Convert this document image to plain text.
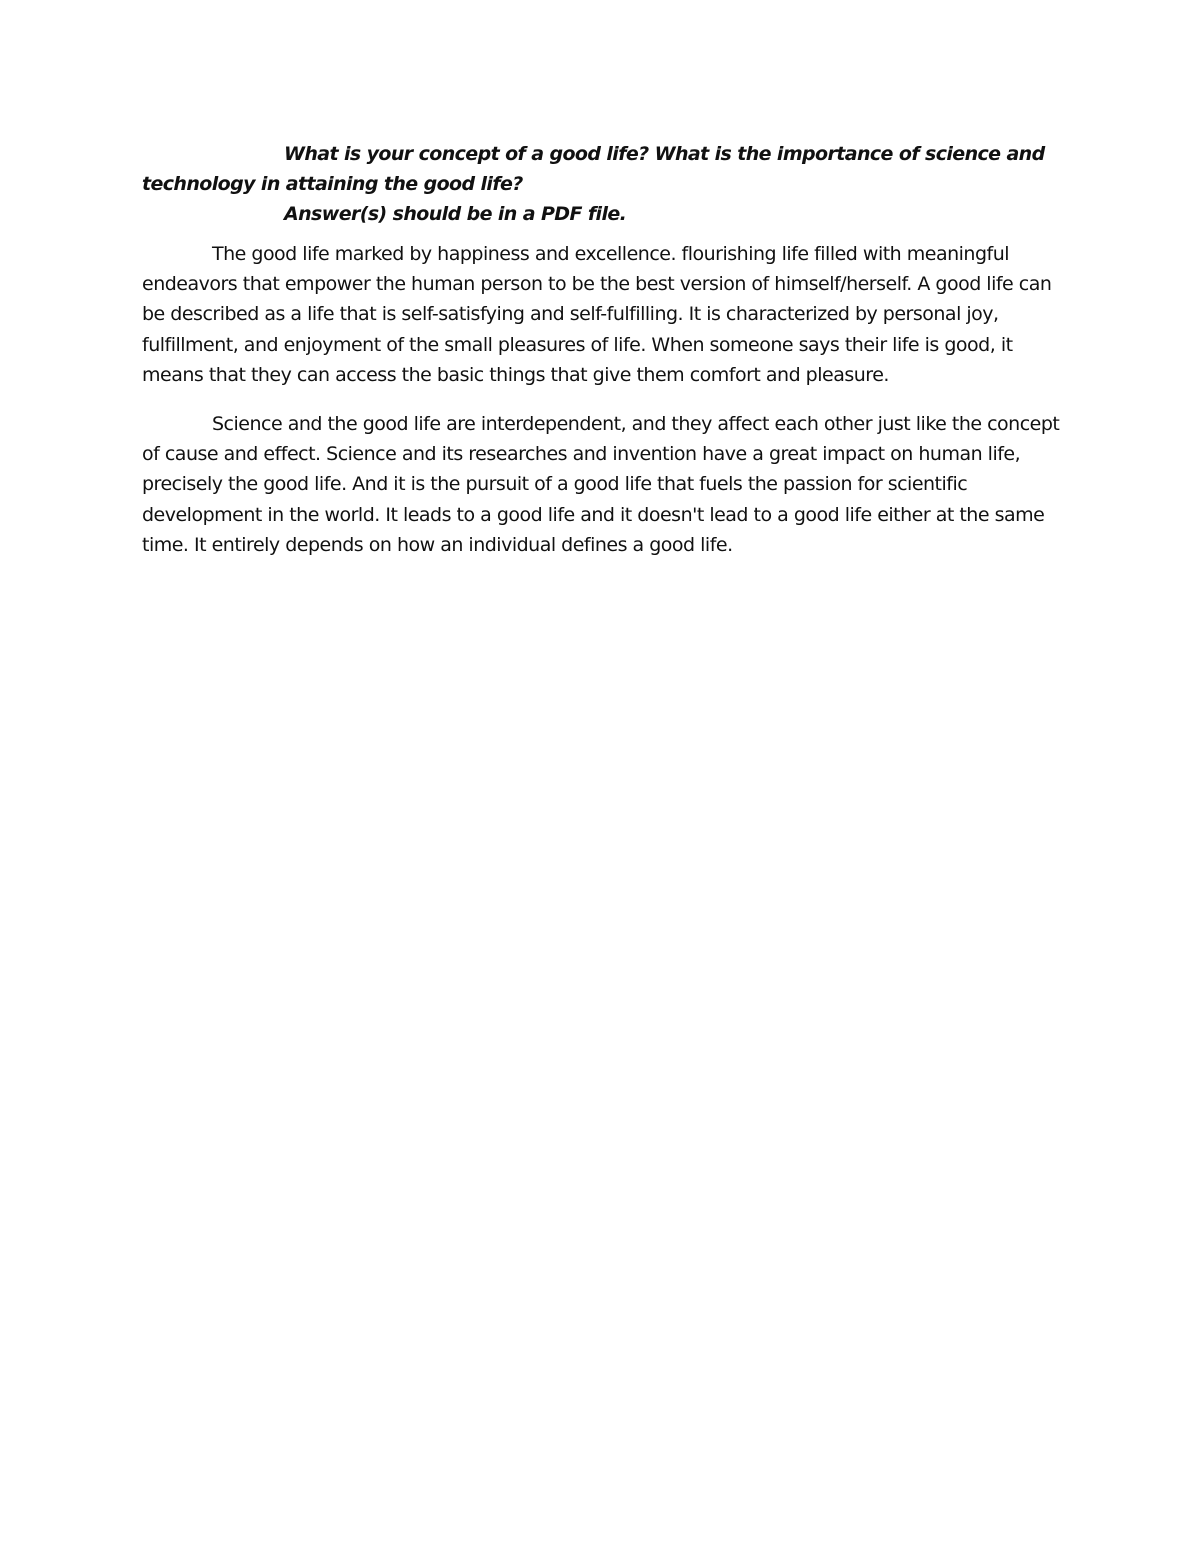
What is your concept of a good life? What is the importance of science and technology in attaining the good life?

Answer(s) should be in a PDF file.

The good life marked by happiness and excellence. flourishing life filled with meaningful endeavors that empower the human person to be the best version of himself/herself. A good life can be described as a life that is self-satisfying and self-fulfilling. It is characterized by personal joy, fulfillment, and enjoyment of the small pleasures of life. When someone says their life is good, it means that they can access the basic things that give them comfort and pleasure.

Science and the good life are interdependent, and they affect each other just like the concept of cause and effect. Science and its researches and invention have a great impact on human life, precisely the good life. And it is the pursuit of a good life that fuels the passion for scientific development in the world. It leads to a good life and it doesn't lead to a good life either at the same time. It entirely depends on how an individual defines a good life.
